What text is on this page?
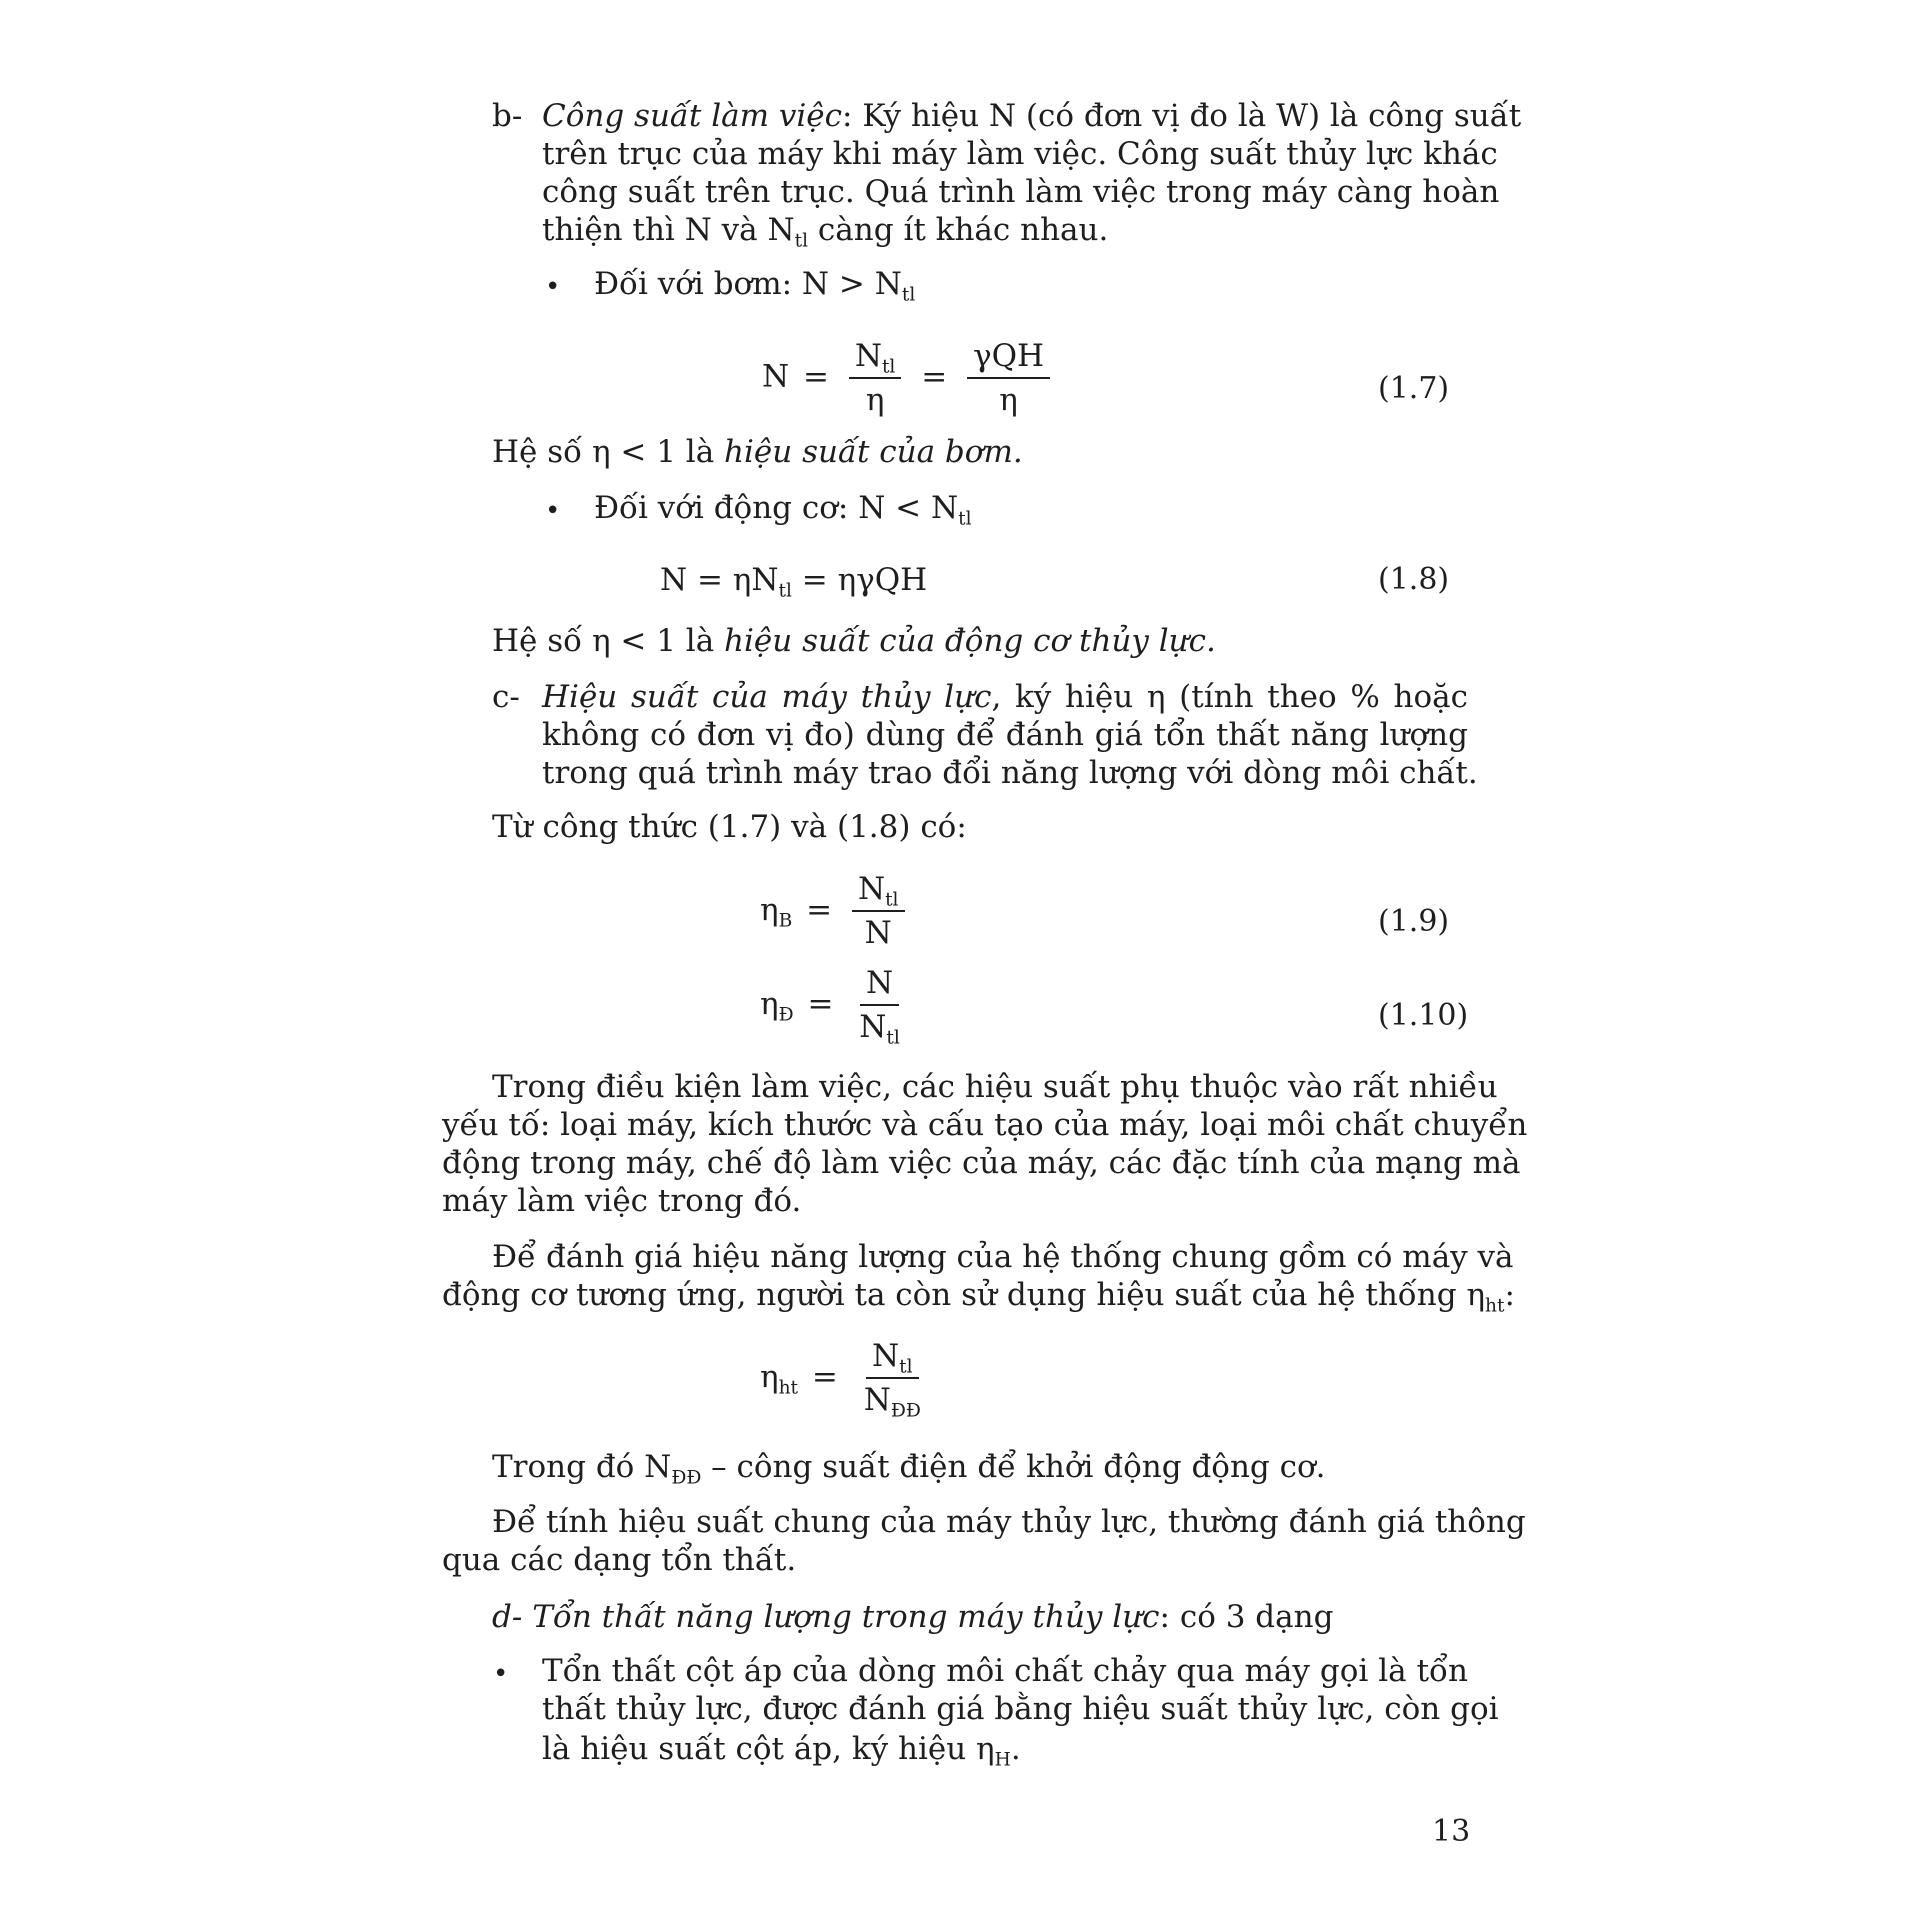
b- Công suất làm việc: Ký hiệu N (có đơn vị đo là W) là công suất
trên trục của máy khi máy làm việc. Công suất thủy lực khác
công suất trên trục. Quá trình làm việc trong máy càng hoàn
thiện thì N và $N_{tl}$ càng ít khác nhau.
• Đối với bơm: $N > N_{tl}$
$N = \frac{N_{tl}}{\eta} = \frac{\text{γQH}}{\eta}$	(1.7)
Hệ số η < 1 là hiệu suất của bơm.
• Đối với động cơ: $N < N_{tl}$
$N = \eta N_{tl} = \eta\gamma QH$	(1.8)
Hệ số η < 1 là hiệu suất của động cơ thủy lực.
c- Hiệu suất của máy thủy lực, ký hiệu η (tính theo % hoặc
không có đơn vị đo) dùng để đánh giá tổn thất năng lượng
trong quá trình máy trao đổi năng lượng với dòng môi chất.
Từ công thức (1.7) và (1.8) có:
$\eta_B = \frac{N_{tl}}{N}$	(1.9)
$\eta_Đ = \frac{N}{N_{tl}}$	(1.10)
Trong điều kiện làm việc, các hiệu suất phụ thuộc vào rất nhiều
yếu tố: loại máy, kích thước và cấu tạo của máy, loại môi chất chuyển
động trong máy, chế độ làm việc của máy, các đặc tính của mạng mà
máy làm việc trong đó.
Để đánh giá hiệu năng lượng của hệ thống chung gồm có máy và
động cơ tương ứng, người ta còn sử dụng hiệu suất của hệ thống $\eta_{ht}$:
$\eta_{ht} = \frac{N_{tl}}{N_{ĐĐ}}$
Trong đó $N_{ĐĐ}$ – công suất điện để khởi động động cơ.
Để tính hiệu suất chung của máy thủy lực, thường đánh giá thông
qua các dạng tổn thất.
d- Tổn thất năng lượng trong máy thủy lực: có 3 dạng
• Tổn thất cột áp của dòng môi chất chảy qua máy gọi là tổn
thất thủy lực, được đánh giá bằng hiệu suất thủy lực, còn gọi
là hiệu suất cột áp, ký hiệu $\eta_H$.
13
